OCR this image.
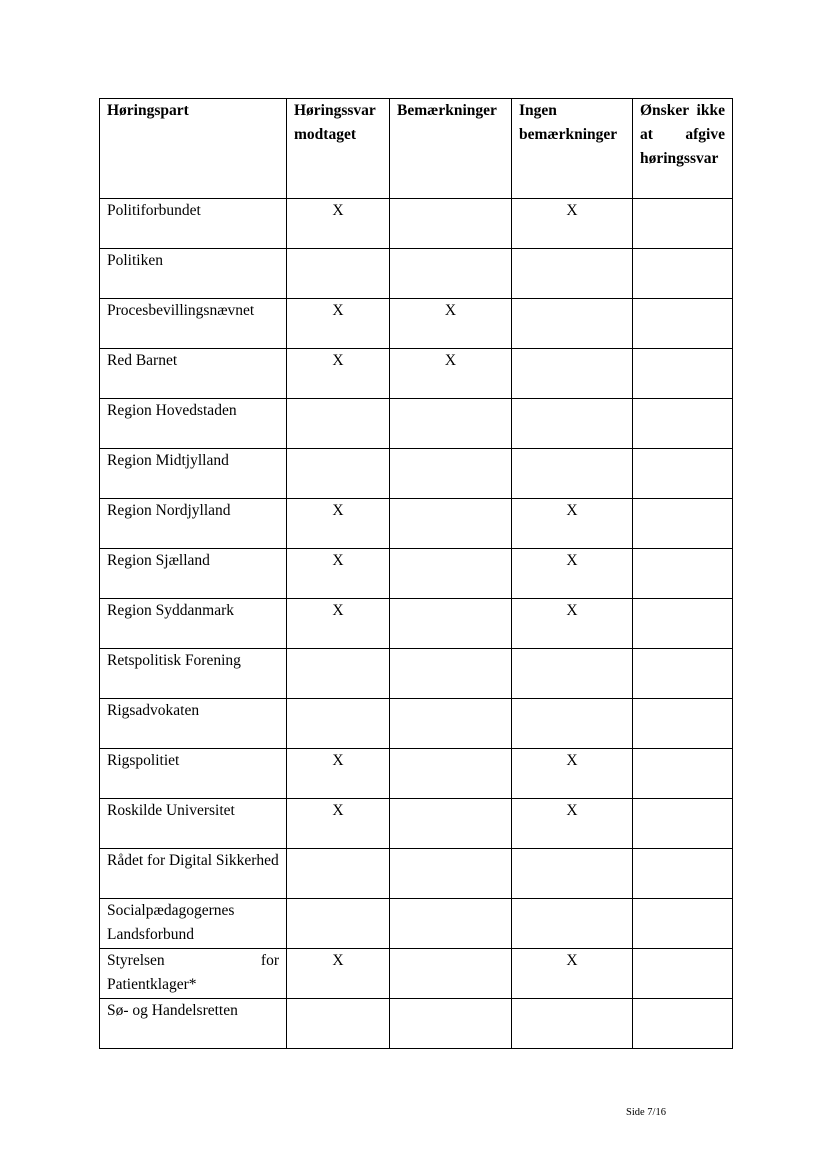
Høringspart	Høringssvar modtaget	Bemærkninger	Ingen bemærkninger	Ønsker ikke at afgive høringssvar
Politiforbundet	X		X	
Politiken				
Procesbevillingsnævnet	X	X		
Red Barnet	X	X		
Region Hovedstaden				
Region Midtjylland				
Region Nordjylland	X		X	
Region Sjælland	X		X	
Region Syddanmark	X		X	
Retspolitisk Forening				
Rigsadvokaten				
Rigspolitiet	X		X	
Roskilde Universitet	X		X	
Rådet for Digital Sikkerhed				
Socialpædagogernes Landsforbund				
Styrelsen for Patientklager*	X		X	
Sø- og Handelsretten				
Side 7/16
